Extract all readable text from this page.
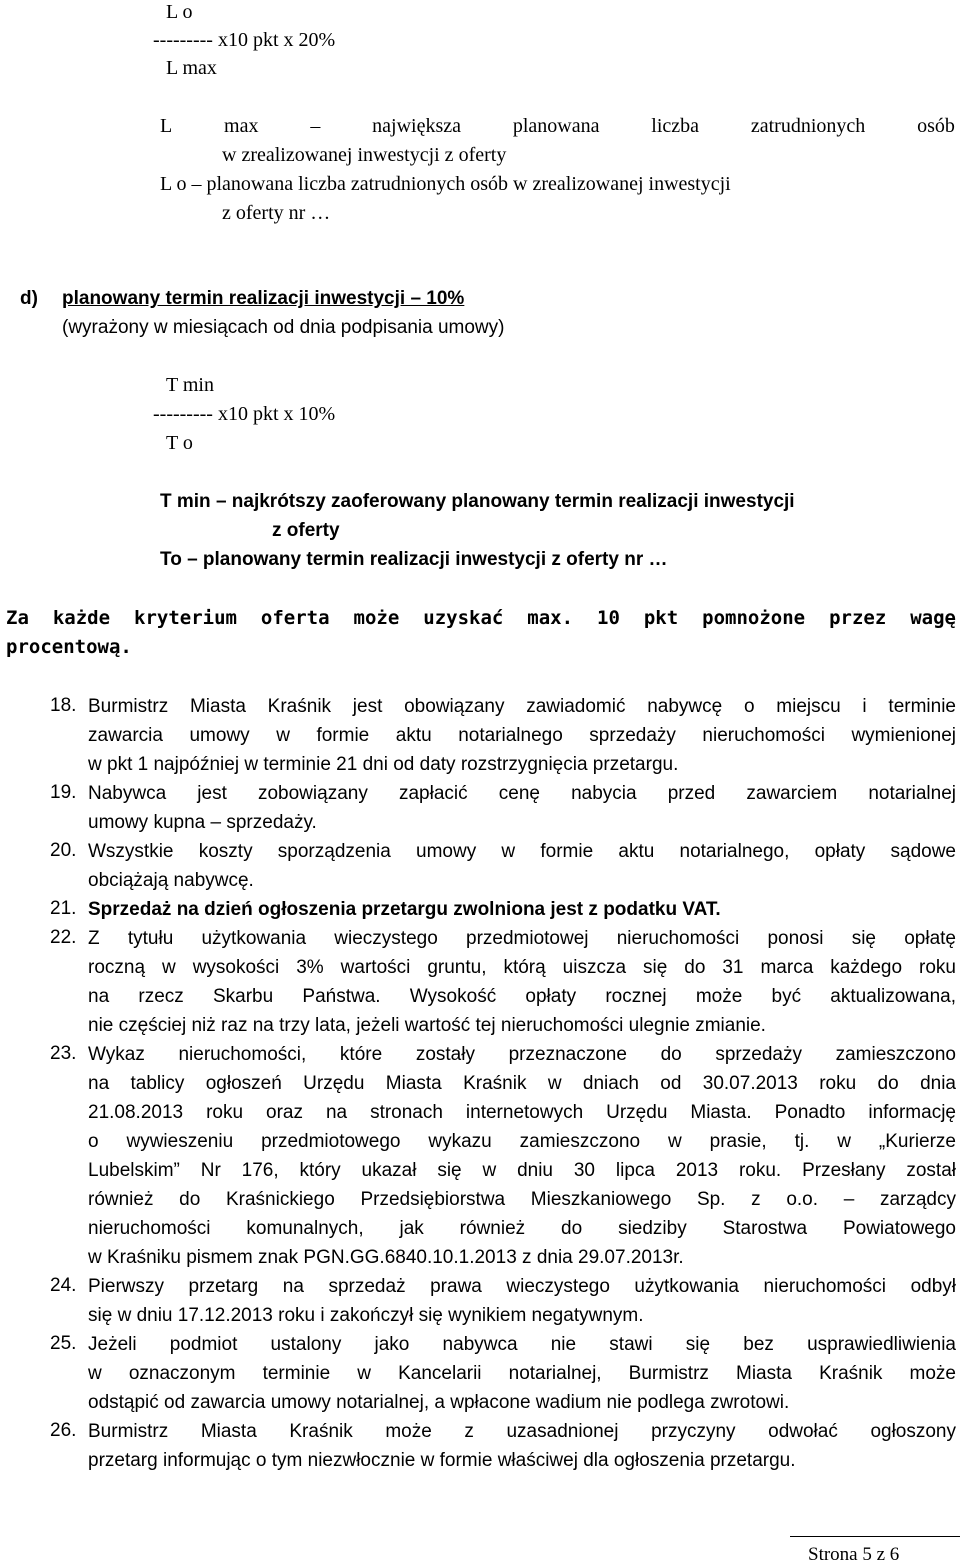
L o
--------- x10 pkt x 20%
L max
L	max	–	największa	planowana	liczba	zatrudnionych	osób
w zrealizowanej inwestycji z oferty
L o – planowana liczba zatrudnionych osób w zrealizowanej inwestycji
z oferty nr …
d) planowany termin realizacji inwestycji – 10%
(wyrażony w miesiącach od dnia podpisania umowy)
T min
--------- x10 pkt x 10%
T o
T min – najkrótszy zaoferowany planowany termin realizacji inwestycji
z oferty
To – planowany termin realizacji inwestycji z oferty nr …
Za każde kryterium oferta może uzyskać max. 10 pkt pomnożone przez wagę
procentową.
18. Burmistrz Miasta Kraśnik jest obowiązany zawiadomić nabywcę o miejscu i terminie
zawarcia umowy w formie aktu notarialnego sprzedaży nieruchomości wymienionej
w pkt 1 najpóźniej w terminie 21 dni od daty rozstrzygnięcia przetargu.
19. Nabywca jest zobowiązany zapłacić cenę nabycia przed zawarciem notarialnej
umowy kupna – sprzedaży.
20. Wszystkie koszty sporządzenia umowy w formie aktu notarialnego, opłaty sądowe
obciążają nabywcę.
21. Sprzedaż na dzień ogłoszenia przetargu zwolniona jest z podatku VAT.
22. Z tytułu użytkowania wieczystego przedmiotowej nieruchomości ponosi się opłatę
roczną w wysokości 3% wartości gruntu, którą uiszcza się do 31 marca każdego roku
na rzecz Skarbu Państwa. Wysokość opłaty rocznej może być aktualizowana,
nie częściej niż raz na trzy lata, jeżeli wartość tej nieruchomości ulegnie zmianie.
23. Wykaz nieruchomości, które zostały przeznaczone do sprzedaży zamieszczono
na tablicy ogłoszeń Urzędu Miasta Kraśnik w dniach od 30.07.2013 roku do dnia
21.08.2013 roku oraz na stronach internetowych Urzędu Miasta. Ponadto informację
o wywieszeniu przedmiotowego wykazu zamieszczono w prasie, tj. w „Kurierze
Lubelskim” Nr 176, który ukazał się w dniu 30 lipca 2013 roku. Przesłany został
również do Kraśnickiego Przedsiębiorstwa Mieszkaniowego Sp. z o.o. – zarządcy
nieruchomości komunalnych, jak również do siedziby Starostwa Powiatowego
w Kraśniku pismem znak PGN.GG.6840.10.1.2013 z dnia 29.07.2013r.
24. Pierwszy przetarg na sprzedaż prawa wieczystego użytkowania nieruchomości odbył
się w dniu 17.12.2013 roku i zakończył się wynikiem negatywnym.
25. Jeżeli podmiot ustalony jako nabywca nie stawi się bez usprawiedliwienia
w oznaczonym terminie w Kancelarii notarialnej, Burmistrz Miasta Kraśnik może
odstąpić od zawarcia umowy notarialnej, a wpłacone wadium nie podlega zwrotowi.
26. Burmistrz Miasta Kraśnik może z uzasadnionej przyczyny odwołać ogłoszony
przetarg informując o tym niezwłocznie w formie właściwej dla ogłoszenia przetargu.
Strona 5 z 6
